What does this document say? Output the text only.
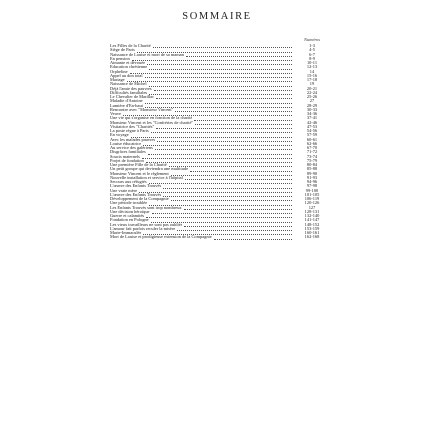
SOMMAIRE
Numéros
Les Filles de la Charité	1-3
Siège de Paris	4-5
Naissance de Louise et mort de sa maman	6-7
En pension	8-9
Aimante et dévouée	10-11
Éducation chrétienne	12-13
Orpheline	14
Appel au don total	15-16
Mariage	17-18
Naissance de Michel	19
Déjà l'amie des pauvres	20-21
Difficultés familiales	22-24
Le Chevalier de Marillac	25-26
Maladie d'Antoine	27
Lumière d'En-haut	28-29
Rencontre avec "Monsieur Vincent"	30-33
Veuve	34-36
Une vie qui s'organise en fonction de la charité	37-41
Monsieur Vincent et les "Confréries de charité"	42-46
Visitatrice des "Charités"	47-53
La poste règne à Paris	54-56
En voyage	57-59
Avec les malades pauvres	60-61
Louise éducatrice	62-66
Au service des galériens	67-70
Disgrâces familiales	71-72
Soucis maternels	73-74
Projet de fondation	75-79
Une première Fille de la Charité	80-84
Un petit groupe qui deviendra une multitude	85-88
Monsieur Vincent et le règlement	89-90
Nouvelle installation et service à l'hôpital	91-93
Secours aux réfugiés	94-96
L'œuvre des Enfants Trouvés	97-98
Une vraie mère	99-100
L'œuvre des Enfants Trouvés	101-105
Développement de la Compagnie	106-119
Une période troublée	120-126
Les Enfants Trouvés sont trop nombreux	127
Une décision héroïque	128-131
Guerre et calamités	132-140
Fondation en Pologne	141-147
Les vieux travailleurs ne sont pas oubliés	148-152
L'amour fait parfois reculer la misère	153-159
Marie-Immaculée	160-161
Mort de Louise et prodigieuse extension de la Compagnie	162-168
